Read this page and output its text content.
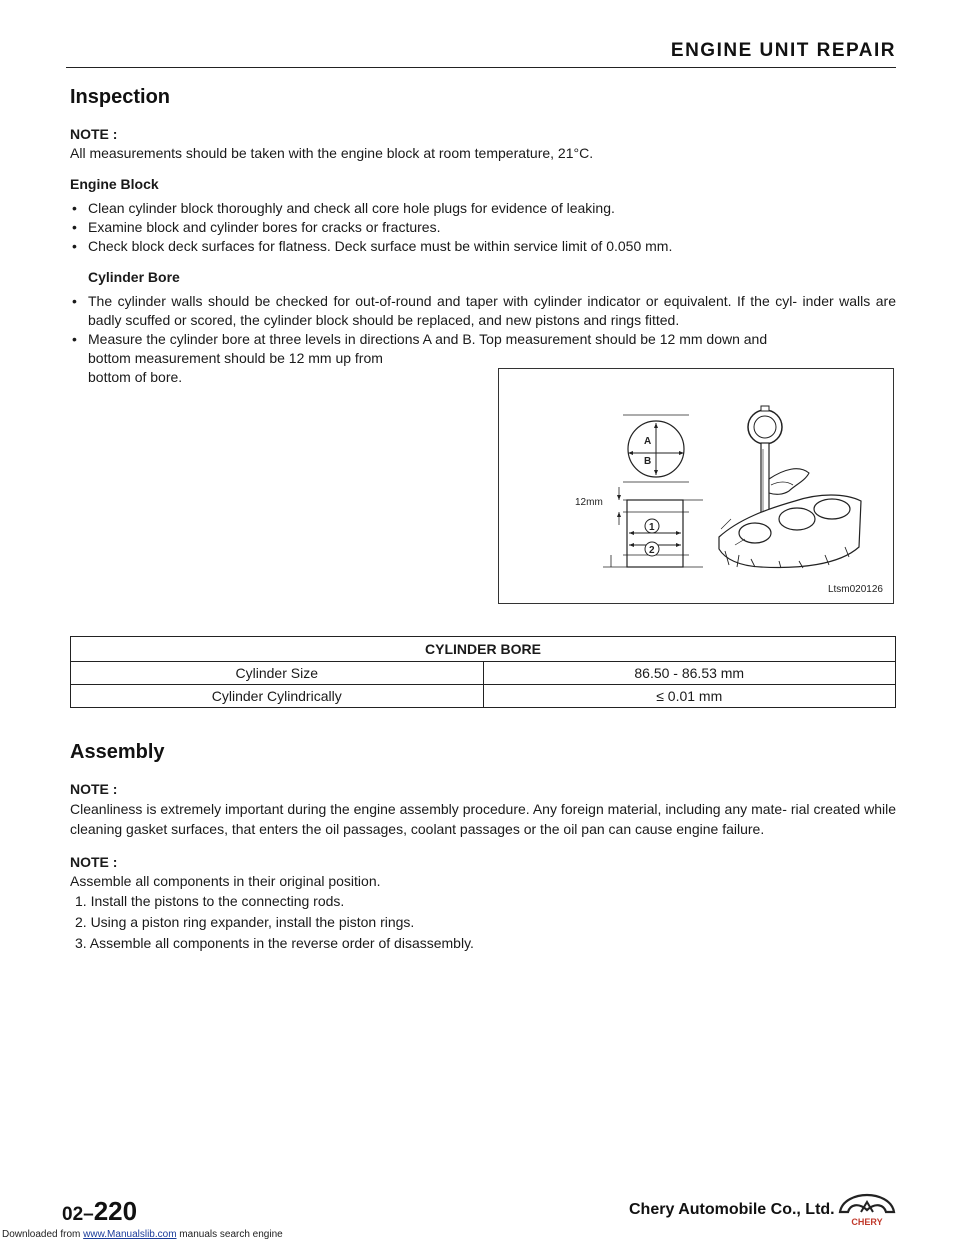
ENGINE UNIT REPAIR
Inspection
NOTE :

All measurements should be taken with the engine block at room temperature, 21°C.

Engine Block
• Clean cylinder block thoroughly and check all core hole plugs for evidence of leaking.
• Examine block and cylinder bores for cracks or fractures.
• Check block deck surfaces for flatness. Deck surface must be within service limit of 0.050 mm.
Cylinder Bore
• The cylinder walls should be checked for out-of-round and taper with cylinder indicator or equivalent. If the cyl- inder walls are badly scuffed or scored, the cylinder block should be replaced, and new pistons and rings fitted.
• Measure the cylinder bore at three levels in directions A and B. Top measurement should be 12 mm down and
bottom measurement should be 12 mm up from
bottom of bore.
A
B
12mm
1
2
Ltsm020126
CYLINDER BORE	
Cylinder Size	86.50 - 86.53 mm
Cylinder Cylindrically	≤ 0.01 mm
Assembly
NOTE :

Cleanliness is extremely important during the engine assembly procedure. Any foreign material, including any mate- rial created while cleaning gasket surfaces, that enters the oil passages, coolant passages or the oil pan can cause engine failure.

NOTE :

Assemble all components in their original position.

1. Install the pistons to the connecting rods.
2. Using a piston ring expander, install the piston rings.
3. Assemble all components in the reverse order of disassembly.
02–220	Chery Automobile Co., Ltd.
CHERY
Downloaded from www.Manualslib.com manuals search engine
